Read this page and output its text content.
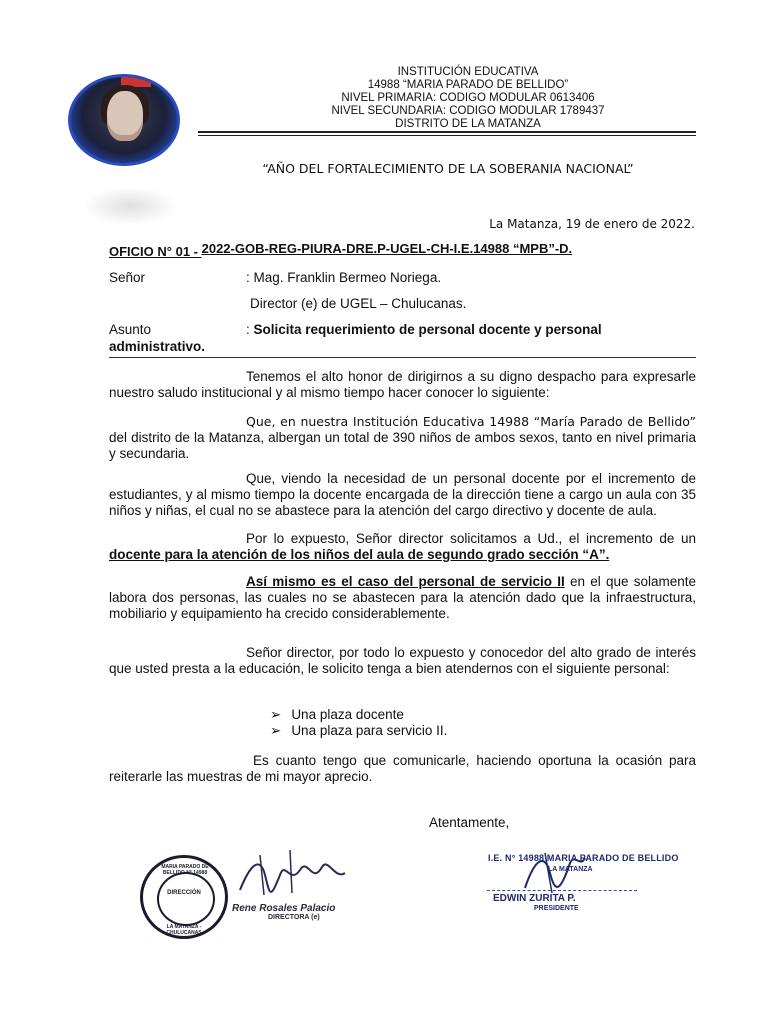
INSTITUCIÓN EDUCATIVA
14988 “MARIA PARADO DE BELLIDO”
NIVEL PRIMARIA: CODIGO MODULAR 0613406
NIVEL SECUNDARIA: CODIGO MODULAR 1789437
DISTRITO DE LA MATANZA
“AÑO DEL FORTALECIMIENTO DE LA SOBERANIA NACIONAL”
La Matanza, 19 de enero de 2022.
OFICIO N° 01 - 2022-GOB-REG-PIURA-DRE.P-UGEL-CH-I.E.14988 “MPB”-D.
Señor	: Mag. Franklin Bermeo Noriega.
Director (e) de UGEL – Chulucanas.
Asunto	: Solicita requerimiento de personal docente y personal
administrativo.
Tenemos el alto honor de dirigirnos a su digno despacho para expresarle nuestro saludo institucional y al mismo tiempo hacer conocer lo siguiente:
Que, en nuestra Institución Educativa 14988 “María Parado de Bellido” del distrito de la Matanza, albergan un total de 390 niños de ambos sexos, tanto en nivel primaria y secundaria.
Que, viendo la necesidad de un personal docente por el incremento de estudiantes, y al mismo tiempo la docente encargada de la dirección tiene a cargo un aula con 35 niños y niñas, el cual no se abastece para la atención del cargo directivo y docente de aula.
Por lo expuesto, Señor director solicitamos a Ud., el incremento de un docente para la atención de los niños del aula de segundo grado sección “A”.
Así mismo es el caso del personal de servicio II en el que solamente labora dos personas, las cuales no se abastecen para la atención dado que la infraestructura, mobiliario y equipamiento ha crecido considerablemente.
Señor director, por todo lo expuesto y conocedor del alto grado de interés que usted presta a la educación, le solicito tenga a bien atendernos con el siguiente personal:
➢ Una plaza docente
➢ Una plaza para servicio II.
Es cuanto tengo que comunicarle, haciendo oportuna la ocasión para reiterarle las muestras de mi mayor aprecio.
Atentamente,
MARIA PARADO DE BELLIDO N° 14988
DIRECCIÓN
LA MATANZA - CHULUCANAS
Rene Rosales Palacio
DIRECTORA (e)
I.E. N° 14988 MARIA PARADO DE BELLIDO
LA MATANZA
EDWIN ZURITA P.
PRESIDENTE
